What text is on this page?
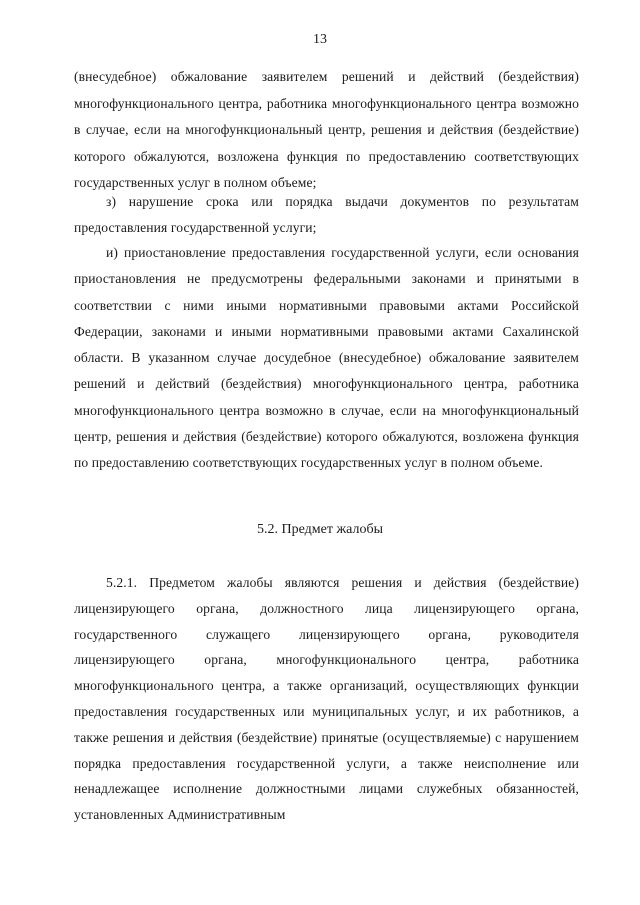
13

(внесудебное) обжалование заявителем решений и действий (бездействия) многофункционального центра, работника многофункционального центра возможно в случае, если на многофункциональный центр, решения и действия (бездействие) которого обжалуются, возложена функция по предоставлению соответствующих государственных услуг в полном объеме;

з) нарушение срока или порядка выдачи документов по результатам предоставления государственной услуги;

и) приостановление предоставления государственной услуги, если основания приостановления не предусмотрены федеральными законами и принятыми в соответствии с ними иными нормативными правовыми актами Российской Федерации, законами и иными нормативными правовыми актами Сахалинской области. В указанном случае досудебное (внесудебное) обжалование заявителем решений и действий (бездействия) многофункционального центра, работника многофункционального центра возможно в случае, если на многофункциональный центр, решения и действия (бездействие) которого обжалуются, возложена функция по предоставлению соответствующих государственных услуг в полном объеме.

5.2. Предмет жалобы

5.2.1. Предметом жалобы являются решения и действия (бездействие) лицензирующего органа, должностного лица лицензирующего органа, государственного служащего лицензирующего органа, руководителя лицензирующего органа, многофункционального центра, работника многофункционального центра, а также организаций, осуществляющих функции предоставления государственных или муниципальных услуг, и их работников, а также решения и действия (бездействие) принятые (осуществляемые) с нарушением порядка предоставления государственной услуги, а также неисполнение или ненадлежащее исполнение должностными лицами служебных обязанностей, установленных Административным
